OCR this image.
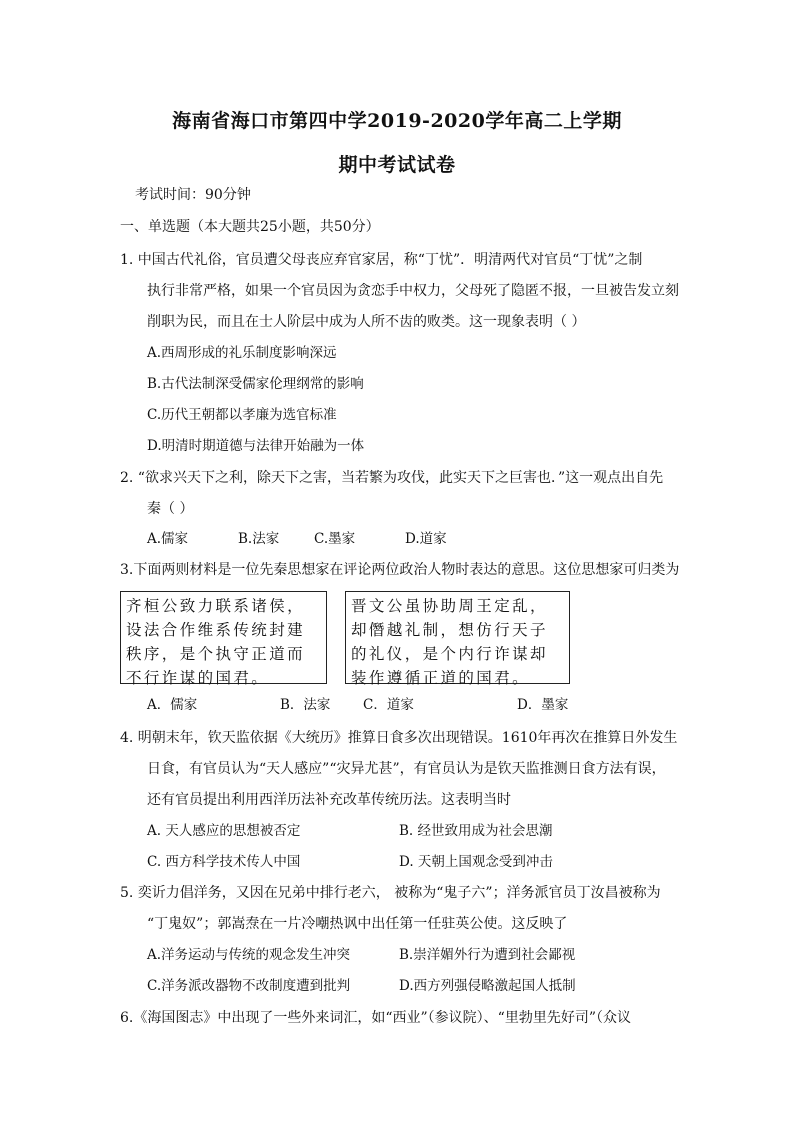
海南省海口市第四中学2019-2020学年高二上学期
期中考试试卷
考试时间：90分钟
一、单选题（本大题共25小题，共50分）
1. 中国古代礼俗，官员遭父母丧应弃官家居，称“丁忧”．明清两代对官员“丁忧”之制
执行非常严格，如果一个官员因为贪恋手中权力，父母死了隐匿不报，一旦被告发立刻
削职为民，而且在士人阶层中成为人所不齿的败类。这一现象表明（ ）
A.西周形成的礼乐制度影响深远
B.古代法制深受儒家伦理纲常的影响
C.历代王朝都以孝廉为选官标准
D.明清时期道德与法律开始融为一体
2. “欲求兴天下之利，除天下之害，当若繁为攻伐，此实天下之巨害也．”这一观点出自先
秦（ ）
A.儒家	B.法家	C.墨家	D.道家
3.下面两则材料是一位先秦思想家在评论两位政治人物时表达的意思。这位思想家可归类为
齐桓公致力联系诸侯，
设法合作维系传统封建
秩序，是个执守正道而
不行诈谋的国君。
晋文公虽协助周王定乱，
却僭越礼制，想仿行天子
的礼仪，是个内行诈谋却
装作遵循正道的国君。
A．儒家	B．法家 C．道家	D．墨家
4. 明朝末年，钦天监依据《大统历》推算日食多次出现错误。1610年再次在推算日外发生
日食，有官员认为“天人感应”“灾异尤甚”，有官员认为是钦天监推测日食方法有误，
还有官员提出利用西洋历法补充改革传统历法。这表明当时
A. 天人感应的思想被否定	B. 经世致用成为社会思潮
C. 西方科学技术传人中国	D. 天朝上国观念受到冲击
5. 奕䜣力倡洋务，又因在兄弟中排行老六， 被称为“鬼子六”；洋务派官员丁汝昌被称为
“丁鬼奴”；郭嵩焘在一片冷嘲热讽中出任第一任驻英公使。这反映了
A.洋务运动与传统的观念发生冲突	B.崇洋媚外行为遭到社会鄙视
C.洋务派改器物不改制度遭到批判	D.西方列强侵略激起国人抵制
6.《海国图志》中出现了一些外来词汇，如“西业”（参议院）、“里勃里先好司”（众议
